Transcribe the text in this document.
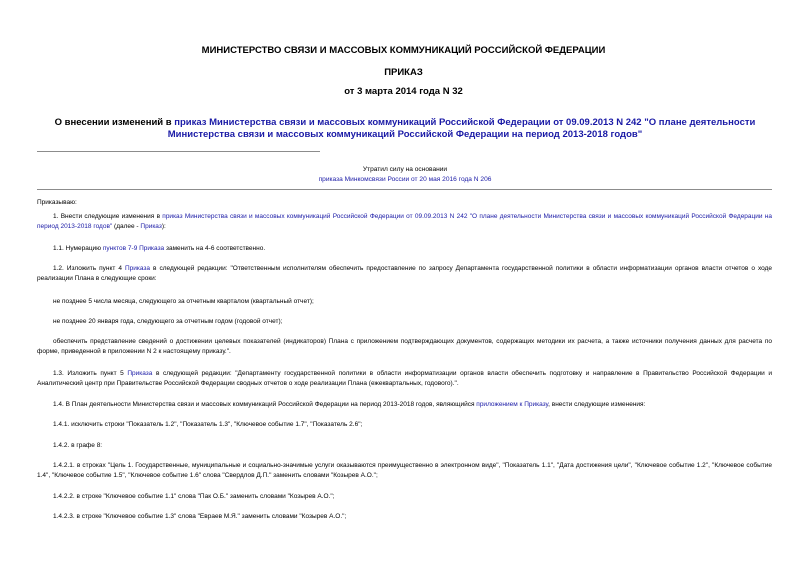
МИНИСТЕРСТВО СВЯЗИ И МАССОВЫХ КОММУНИКАЦИЙ РОССИЙСКОЙ ФЕДЕРАЦИИ
ПРИКАЗ
от 3 марта 2014 года N 32
О внесении изменений в приказ Министерства связи и массовых коммуникаций Российской Федерации от 09.09.2013 N 242 "О плане деятельности Министерства связи и массовых коммуникаций Российской Федерации на период 2013-2018 годов"
Утратил силу на основании
приказа Минкомсвязи России от 20 мая 2016 года N 206
Приказываю:
1. Внести следующие изменения в приказ Министерства связи и массовых коммуникаций Российской Федерации от 09.09.2013 N 242 "О плане деятельности Министерства связи и массовых коммуникаций Российской Федерации на период 2013-2018 годов" (далее - Приказ):
1.1. Нумерацию пунктов 7-9 Приказа заменить на 4-6 соответственно.
1.2. Изложить пункт 4 Приказа в следующей редакции: "Ответственным исполнителям обеспечить предоставление по запросу Департамента государственной политики в области информатизации органов власти отчетов о ходе реализации Плана в следующие сроки:
не позднее 5 числа месяца, следующего за отчетным кварталом (квартальный отчет);
не позднее 20 января года, следующего за отчетным годом (годовой отчет);
обеспечить представление сведений о достижении целевых показателей (индикаторов) Плана с приложением подтверждающих документов, содержащих методики их расчета, а также источники получения данных для расчета по форме, приведенной в приложении N 2 к настоящему приказу.".
1.3. Изложить пункт 5 Приказа в следующей редакции: "Департаменту государственной политики в области информатизации органов власти обеспечить подготовку и направление в Правительство Российской Федерации и Аналитический центр при Правительстве Российской Федерации сводных отчетов о ходе реализации Плана (ежеквартальных, годового).".
1.4. В План деятельности Министерства связи и массовых коммуникаций Российской Федерации на период 2013-2018 годов, являющийся приложением к Приказу, внести следующие изменения:
1.4.1. исключить строки "Показатель 1.2", "Показатель 1.3", "Ключевое событие 1.7", "Показатель 2.6";
1.4.2. в графе 8:
1.4.2.1. в строках "Цель 1. Государственные, муниципальные и социально-значимые услуги оказываются преимущественно в электронном виде", "Показатель 1.1", "Дата достижения цели", "Ключевое событие 1.2", "Ключевое событие 1.4", "Ключевое событие 1.5", "Ключевое событие 1.6" слова "Свердлов Д.П." заменить словами "Козырев А.О.";
1.4.2.2. в строке "Ключевое событие 1.1" слова "Пак О.Б." заменить словами "Козырев А.О.";
1.4.2.3. в строке "Ключевое событие 1.3" слова "Евраев М.Я." заменить словами "Козырев А.О.";
